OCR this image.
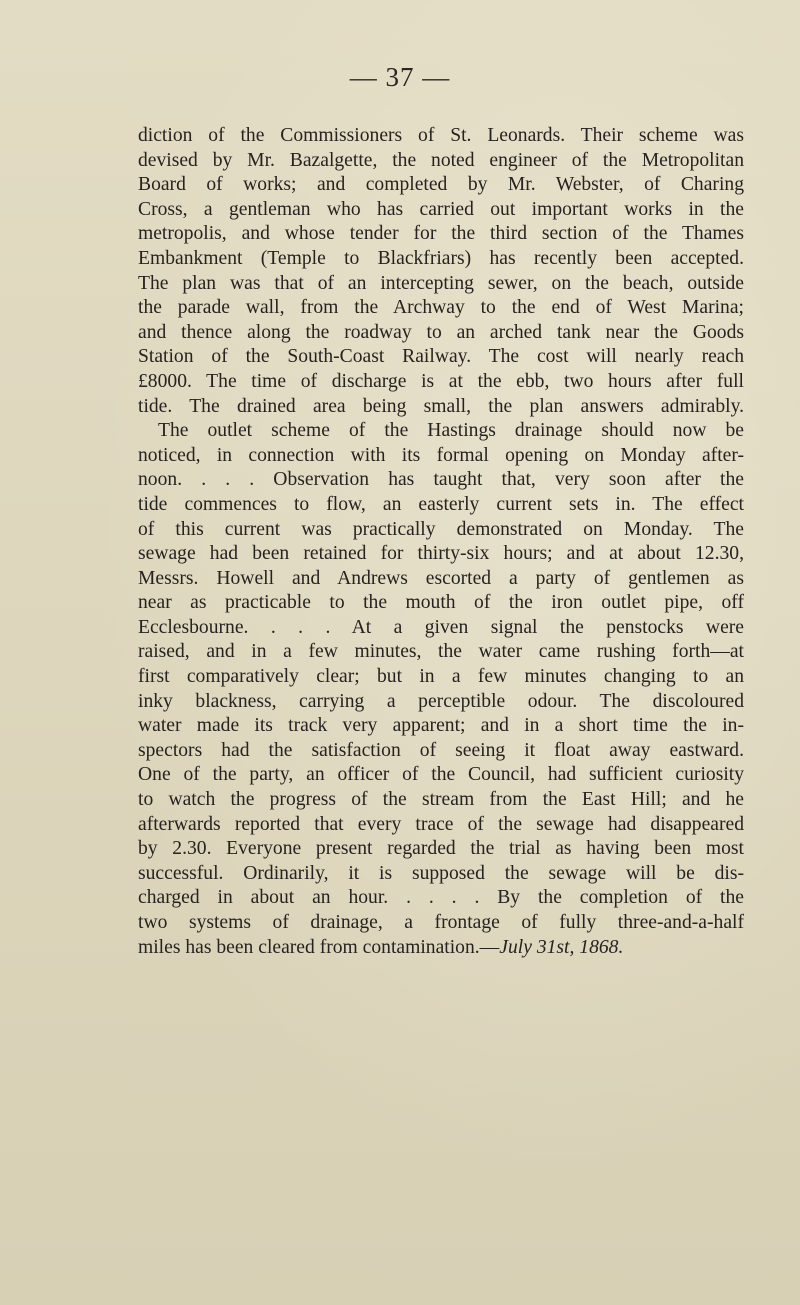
— 37 —
diction of the Commissioners of St. Leonards. Their scheme was
devised by Mr. Bazalgette, the noted engineer of the Metropolitan
Board of works; and completed by Mr. Webster, of Charing
Cross, a gentleman who has carried out important works in the
metropolis, and whose tender for the third section of the Thames
Embankment (Temple to Blackfriars) has recently been accepted.
The plan was that of an intercepting sewer, on the beach, outside
the parade wall, from the Archway to the end of West Marina;
and thence along the roadway to an arched tank near the Goods
Station of the South-Coast Railway. The cost will nearly reach
£8000. The time of discharge is at the ebb, two hours after full
tide. The drained area being small, the plan answers admirably.
The outlet scheme of the Hastings drainage should now be
noticed, in connection with its formal opening on Monday after-
noon. . . . Observation has taught that, very soon after the
tide commences to flow, an easterly current sets in. The effect
of this current was practically demonstrated on Monday. The
sewage had been retained for thirty-six hours; and at about 12.30,
Messrs. Howell and Andrews escorted a party of gentlemen as
near as practicable to the mouth of the iron outlet pipe, off
Ecclesbourne. . . . At a given signal the penstocks were
raised, and in a few minutes, the water came rushing forth—at
first comparatively clear; but in a few minutes changing to an
inky blackness, carrying a perceptible odour. The discoloured
water made its track very apparent; and in a short time the in-
spectors had the satisfaction of seeing it float away eastward.
One of the party, an officer of the Council, had sufficient curiosity
to watch the progress of the stream from the East Hill; and he
afterwards reported that every trace of the sewage had disappeared
by 2.30. Everyone present regarded the trial as having been most
successful. Ordinarily, it is supposed the sewage will be dis-
charged in about an hour. . . . . By the completion of the
two systems of drainage, a frontage of fully three-and-a-half
miles has been cleared from contamination.—July 31st, 1868.
